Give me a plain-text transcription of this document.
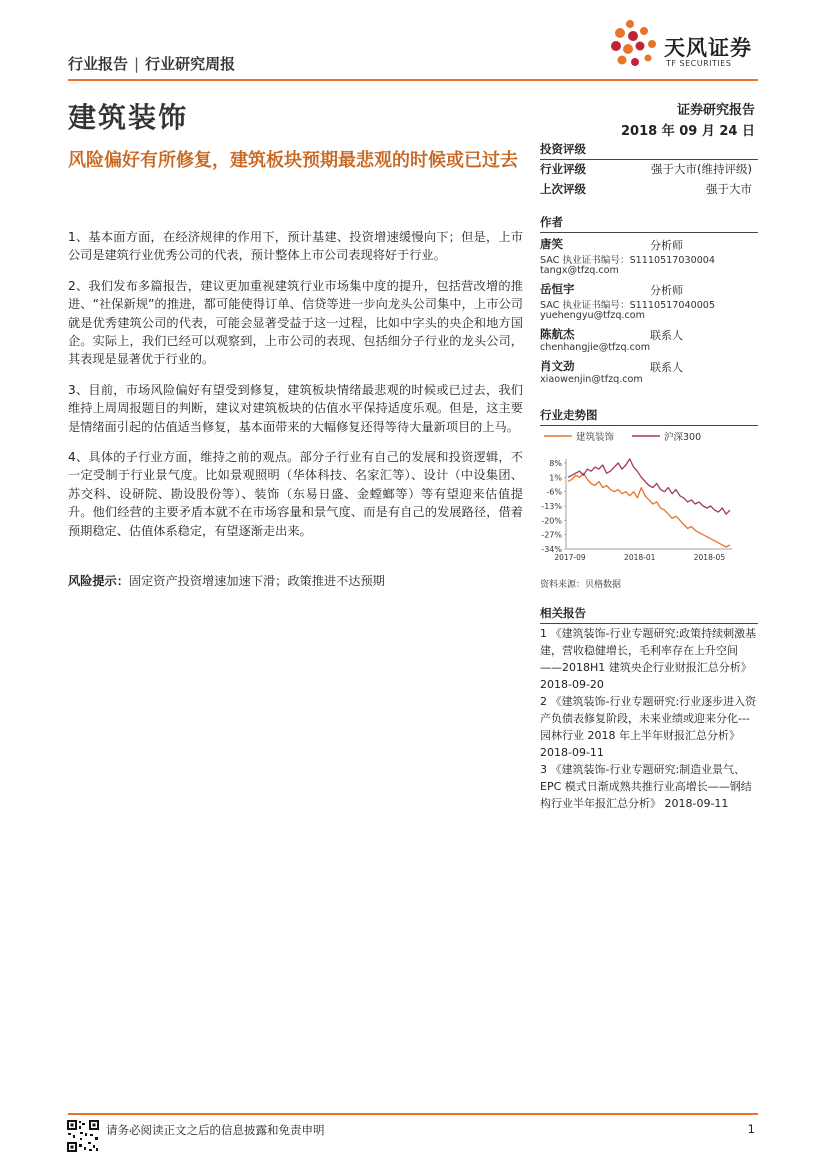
行业报告 | 行业研究周报
天风证券
TF SECURITIES
建筑装饰	证券研究报告
2018 年 09 月 24 日
风险偏好有所修复，建筑板块预期最悲观的时候或已过去

1、基本面方面，在经济规律的作用下，预计基建、投资增速缓慢向下；但是，上市公司是建筑行业优秀公司的代表，预计整体上市公司表现将好于行业。

2、我们发布多篇报告，建议更加重视建筑行业市场集中度的提升，包括营改增的推进、“社保新规”的推进，都可能使得订单、信贷等进一步向龙头公司集中，上市公司就是优秀建筑公司的代表，可能会显著受益于这一过程，比如中字头的央企和地方国企。实际上，我们已经可以观察到，上市公司的表现、包括细分子行业的龙头公司，其表现是显著优于行业的。

3、目前，市场风险偏好有望受到修复，建筑板块情绪最悲观的时候或已过去，我们维持上周周报题目的判断，建议对建筑板块的估值水平保持适度乐观。但是，这主要是情绪面引起的估值适当修复，基本面带来的大幅修复还得等待大量新项目的上马。

4、具体的子行业方面，维持之前的观点。部分子行业有自己的发展和投资逻辑，不一定受制于行业景气度。比如景观照明（华体科技、名家汇等）、设计（中设集团、苏交科、设研院、勘设股份等）、装饰（东易日盛、金螳螂等）等有望迎来估值提升。他们经营的主要矛盾本就不在市场容量和景气度、而是有自己的发展路径，借着预期稳定、估值体系稳定，有望逐渐走出来。

风险提示：固定资产投资增速加速下滑；政策推进不达预期
投资评级
行业评级	强于大市(维持评级)
上次评级	强于大市
作者
唐笑	分析师
SAC 执业证书编号：S1110517030004
tangx@tfzq.com
岳恒宇	分析师
SAC 执业证书编号：S1110517040005
yuehengyu@tfzq.com
陈航杰	联系人
chenhangjie@tfzq.com
肖文劲	联系人
xiaowenjin@tfzq.com
行业走势图
建筑装饰	沪深300
8%
1%
-6%
-13%
-20%
-27%
-34%
2017-09	2018-01	2018-05
资料来源：贝格数据
相关报告

1 《建筑装饰-行业专题研究:政策持续刺激基建，营收稳健增长，毛利率存在上升空间——2018H1 建筑央企行业财报汇总分析》 2018-09-20

2 《建筑装饰-行业专题研究:行业逐步进入资产负债表修复阶段，未来业绩或迎来分化---园林行业 2018 年上半年财报汇总分析》 2018-09-11

3 《建筑装饰-行业专题研究:制造业景气、EPC 模式日渐成熟共推行业高增长——钢结构行业半年报汇总分析》 2018-09-11

请务必阅读正文之后的信息披露和免责申明	1
